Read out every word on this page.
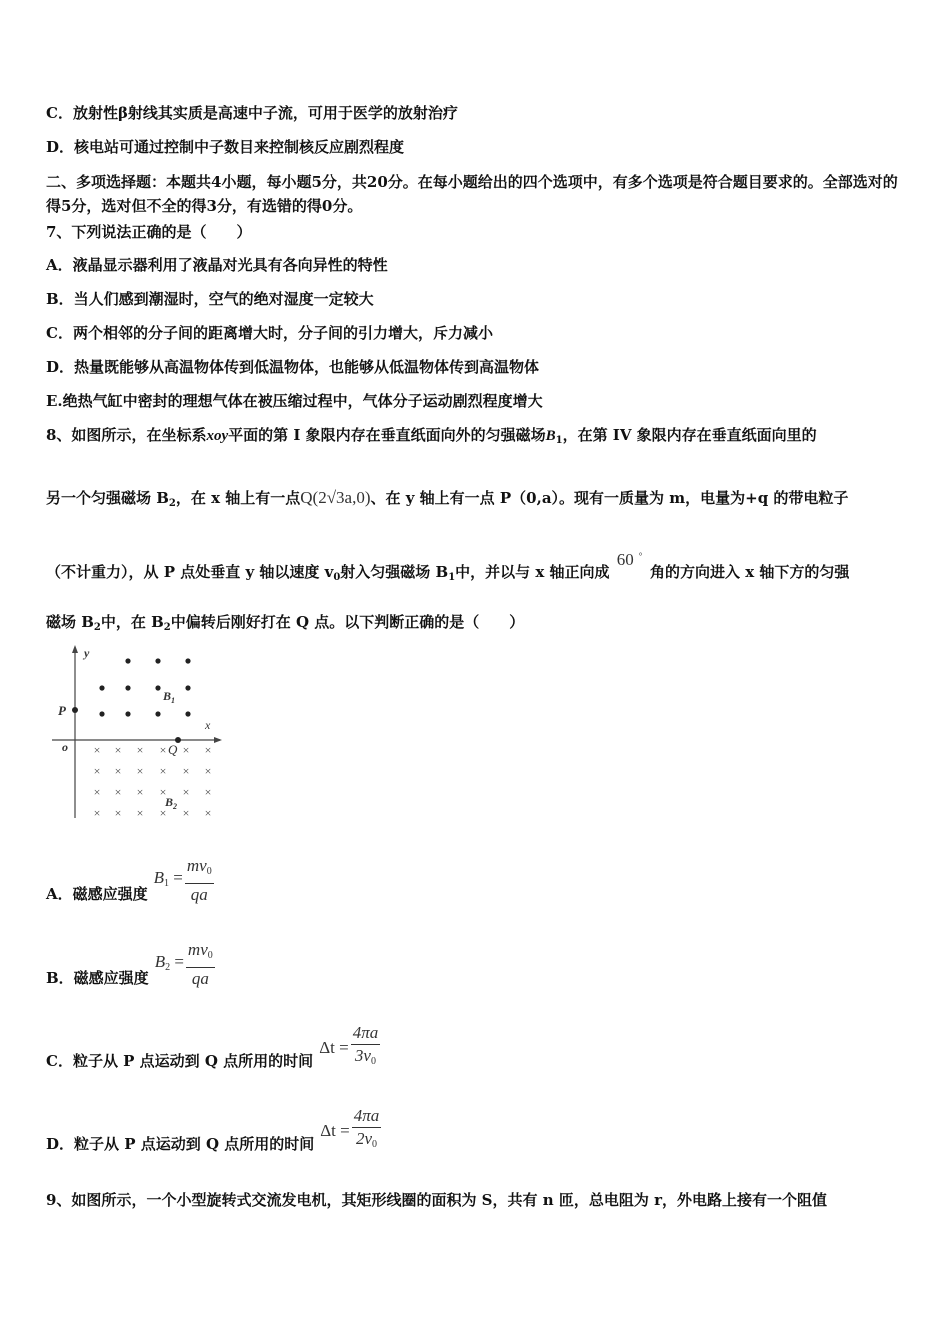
C．放射性β射线其实质是高速中子流，可用于医学的放射治疗
D．核电站可通过控制中子数目来控制核反应剧烈程度
二、多项选择题：本题共4小题，每小题5分，共20分。在每小题给出的四个选项中，有多个选项是符合题目要求的。全部选对的得5分，选对但不全的得3分，有选错的得0分。
7、下列说法正确的是（　　）
A．液晶显示器利用了液晶对光具有各向异性的特性
B．当人们感到潮湿时，空气的绝对湿度一定较大
C．两个相邻的分子间的距离增大时，分子间的引力增大，斥力减小
D．热量既能够从高温物体传到低温物体，也能够从低温物体传到高温物体
E.绝热气缸中密封的理想气体在被压缩过程中，气体分子运动剧烈程度增大
8、如图所示，在坐标系xoy平面的第 I 象限内存在垂直纸面向外的匀强磁场$B_1$，在第 IV 象限内存在垂直纸面向里的
另一个匀强磁场 $B_2$，在 x 轴上有一点Q(2√3a,0)、在 y 轴上有一点 P（0,a）。现有一质量为 m，电量为+q 的带电粒子
（不计重力），从 P 点处垂直 y 轴以速度 $v_0$射入匀强磁场 $B_1$中，并以与 x 轴正向成
60 °
角的方向进入 x 轴下方的匀强
磁场 $B_2$中，在 $B_2$中偏转后刚好打在 Q 点。以下判断正确的是（　　）
y
x
o
P
Q
$B_1$
$B_2$
× × × × × ×
× × × × × ×
× × × × × ×
× × × × × ×
A．磁感应强度
$B_1 = \frac{mv_0}{qa}$
B．磁感应强度
$B_2 = \frac{mv_0}{qa}$
C．粒子从 P 点运动到 Q 点所用的时间
$\Delta t = \frac{4\pi a}{3v_0}$
D．粒子从 P 点运动到 Q 点所用的时间
$\Delta t = \frac{4\pi a}{2v_0}$
9、如图所示，一个小型旋转式交流发电机，其矩形线圈的面积为 S，共有 n 匝，总电阻为 r，外电路上接有一个阻值
